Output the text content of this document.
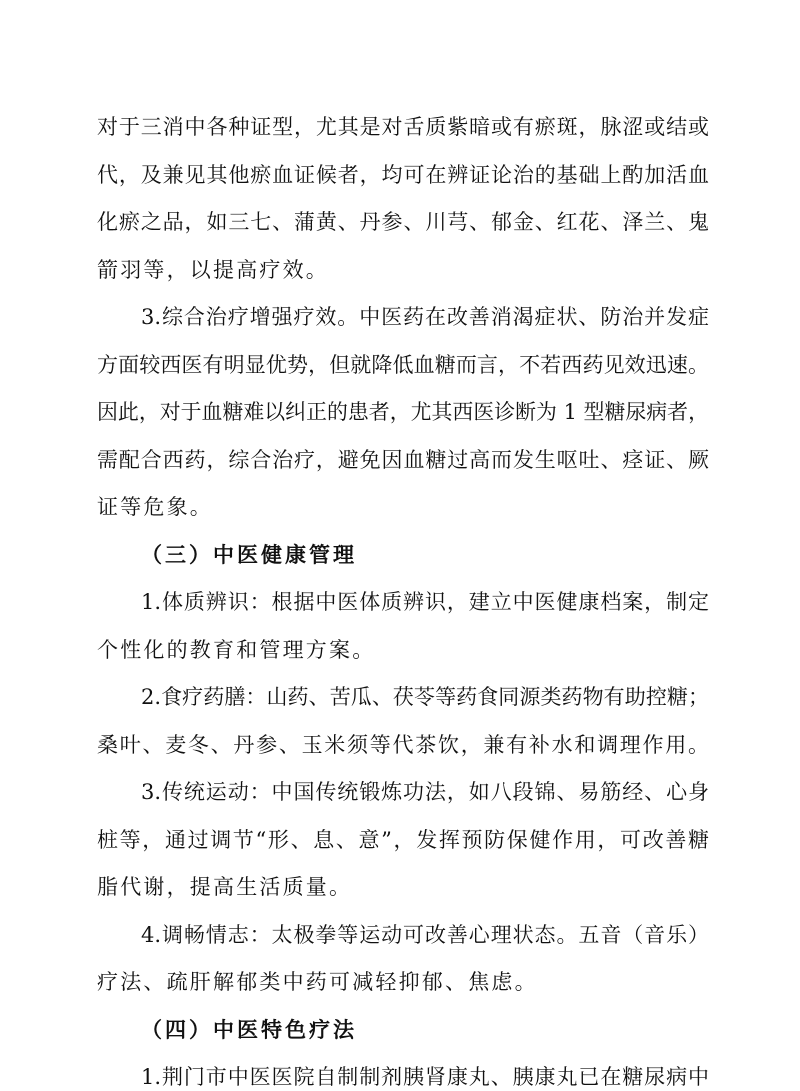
对于三消中各种证型，尤其是对舌质紫暗或有瘀斑，脉涩或结或
代，及兼见其他瘀血证候者，均可在辨证论治的基础上酌加活血
化瘀之品，如三七、蒲黄、丹参、川芎、郁金、红花、泽兰、鬼
箭羽等，以提高疗效。
3.综合治疗增强疗效。中医药在改善消渴症状、防治并发症
方面较西医有明显优势，但就降低血糖而言，不若西药见效迅速。
因此，对于血糖难以纠正的患者，尤其西医诊断为 1 型糖尿病者，
需配合西药，综合治疗，避免因血糖过高而发生呕吐、痉证、厥
证等危象。
（三）中医健康管理
1.体质辨识：根据中医体质辨识，建立中医健康档案，制定
个性化的教育和管理方案。
2.食疗药膳：山药、苦瓜、茯苓等药食同源类药物有助控糖；
桑叶、麦冬、丹参、玉米须等代茶饮，兼有补水和调理作用。
3.传统运动：中国传统锻炼功法，如八段锦、易筋经、心身
桩等，通过调节“形、息、意”，发挥预防保健作用，可改善糖
脂代谢，提高生活质量。
4.调畅情志：太极拳等运动可改善心理状态。五音（音乐）
疗法、疏肝解郁类中药可减轻抑郁、焦虑。
（四）中医特色疗法
1.荆门市中医医院自制制剂胰肾康丸、胰康丸已在糖尿病中
